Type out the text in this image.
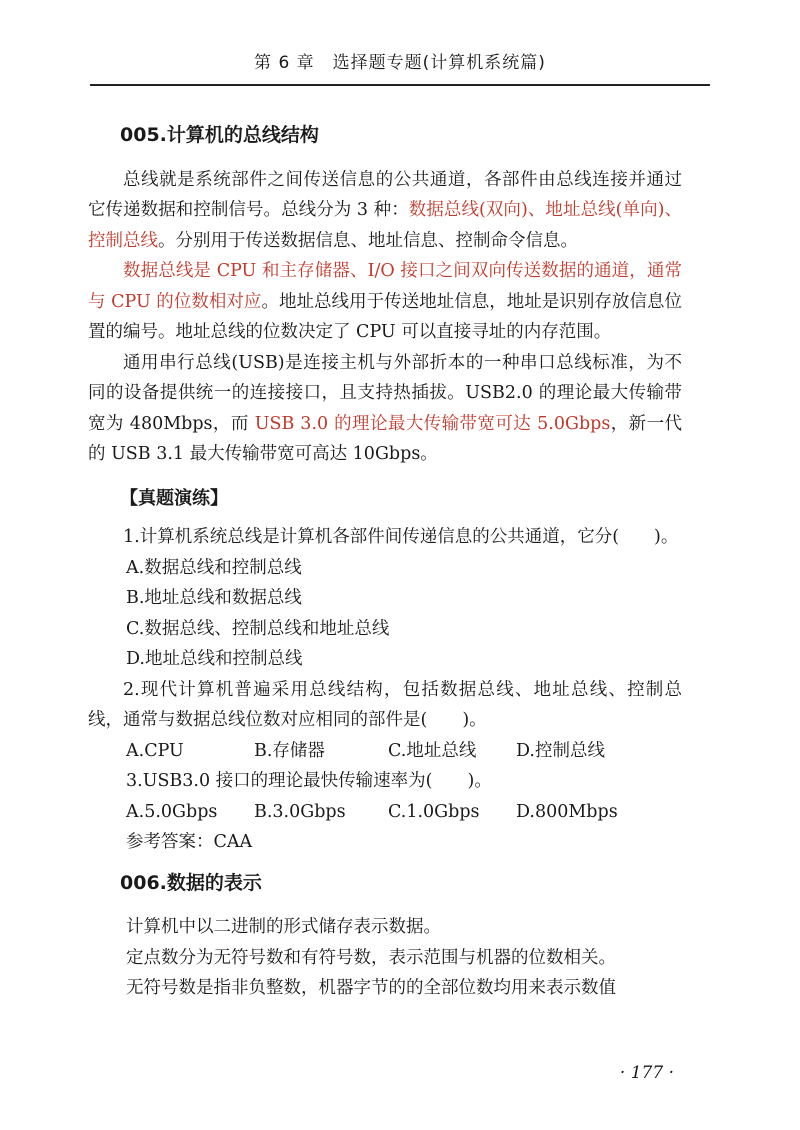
第 6 章　选择题专题(计算机系统篇)
005.计算机的总线结构

总线就是系统部件之间传送信息的公共通道，各部件由总线连接并通过它传递数据和控制信号。总线分为 3 种：数据总线(双向)、地址总线(单向)、控制总线。分别用于传送数据信息、地址信息、控制命令信息。

数据总线是 CPU 和主存储器、I/O 接口之间双向传送数据的通道，通常与 CPU 的位数相对应。地址总线用于传送地址信息，地址是识别存放信息位置的编号。地址总线的位数决定了 CPU 可以直接寻址的内存范围。

通用串行总线(USB)是连接主机与外部折本的一种串口总线标准，为不同的设备提供统一的连接接口，且支持热插拔。USB2.0 的理论最大传输带宽为 480Mbps，而 USB 3.0 的理论最大传输带宽可达 5.0Gbps，新一代的 USB 3.1 最大传输带宽可高达 10Gbps。

【真题演练】

1.计算机系统总线是计算机各部件间传递信息的公共通道，它分(　　)。

A.数据总线和控制总线
B.地址总线和数据总线
C.数据总线、控制总线和地址总线
D.地址总线和控制总线

2.现代计算机普遍采用总线结构，包括数据总线、地址总线、控制总线，通常与数据总线位数对应相同的部件是(　　)。

A.CPU	B.存储器	C.地址总线	D.控制总线
3.USB3.0 接口的理论最快传输速率为(　　)。
A.5.0Gbps	B.3.0Gbps	C.1.0Gbps	D.800Mbps
参考答案：CAA
006.数据的表示
计算机中以二进制的形式储存表示数据。
定点数分为无符号数和有符号数，表示范围与机器的位数相关。
无符号数是指非负整数，机器字节的的全部位数均用来表示数值
· 177 ·
